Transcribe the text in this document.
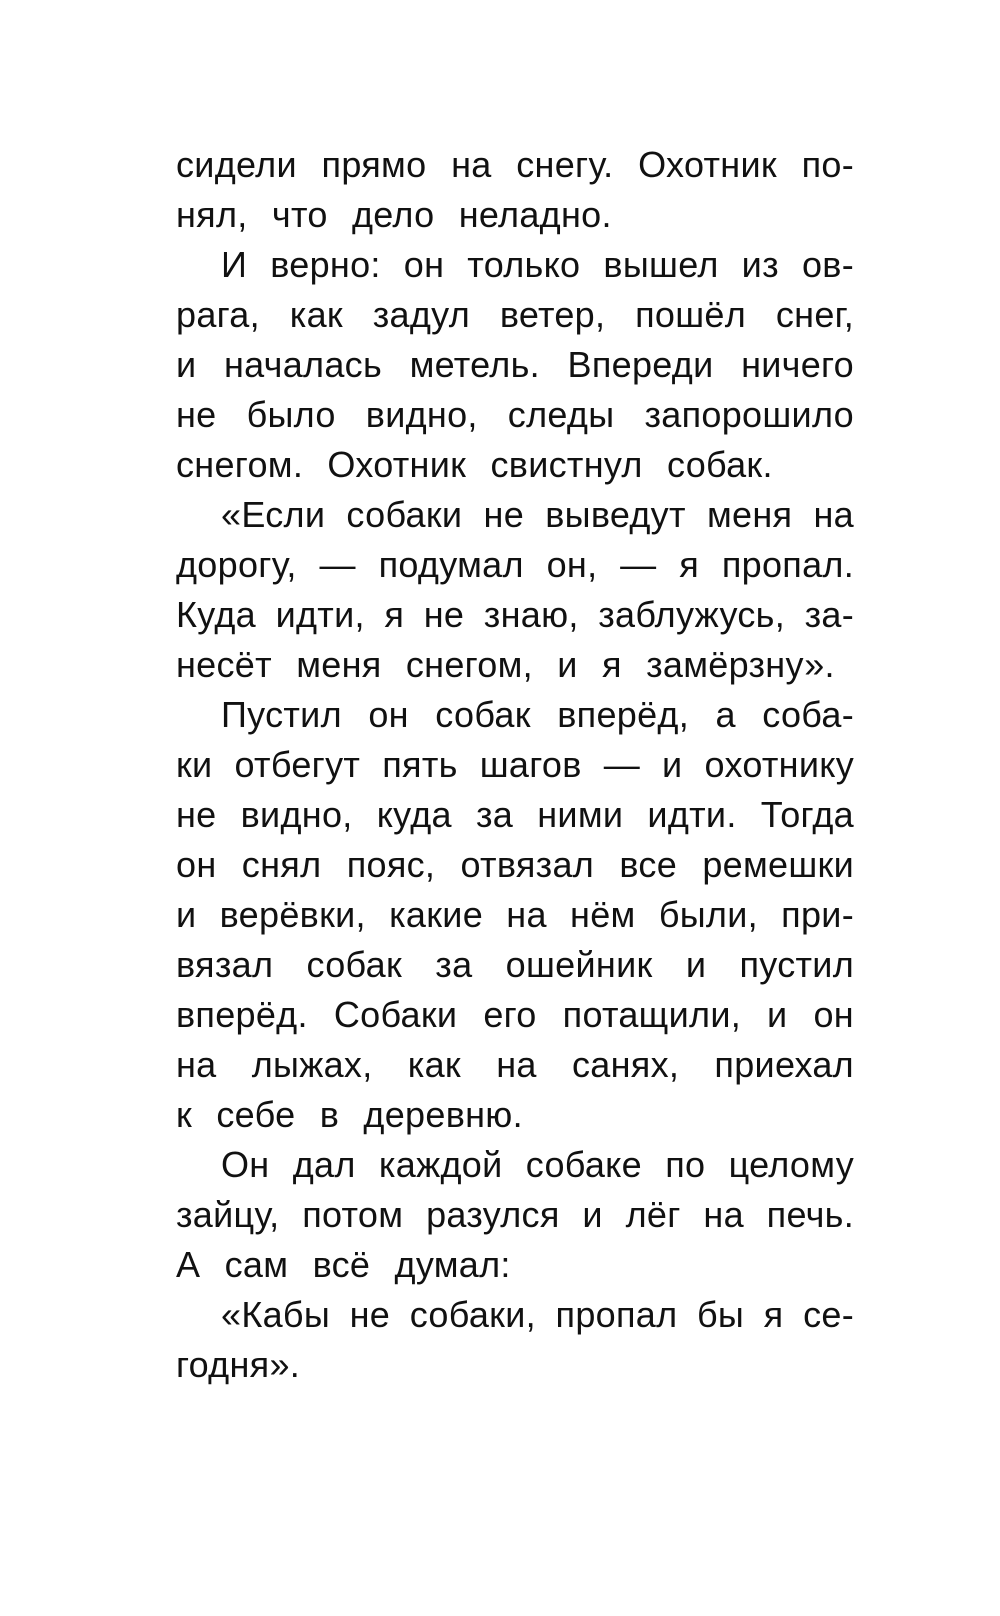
сидели прямо на снегу. Охотник по-
нял, что дело неладно.
И верно: он только вышел из ов-
рага, как задул ветер, пошёл снег,
и началась метель. Впереди ничего
не было видно, следы запорошило
снегом. Охотник свистнул собак.
«Если собаки не выведут меня на
дорогу, — подумал он, — я пропал.
Куда идти, я не знаю, заблужусь, за-
несёт меня снегом, и я замёрзну».
Пустил он собак вперёд, а соба-
ки отбегут пять шагов — и охотнику
не видно, куда за ними идти. Тогда
он снял пояс, отвязал все ремешки
и верёвки, какие на нём были, при-
вязал собак за ошейник и пустил
вперёд. Собаки его потащили, и он
на лыжах, как на санях, приехал
к себе в деревню.
Он дал каждой собаке по целому
зайцу, потом разулся и лёг на печь.
А сам всё думал:
«Кабы не собаки, пропал бы я се-
годня».
